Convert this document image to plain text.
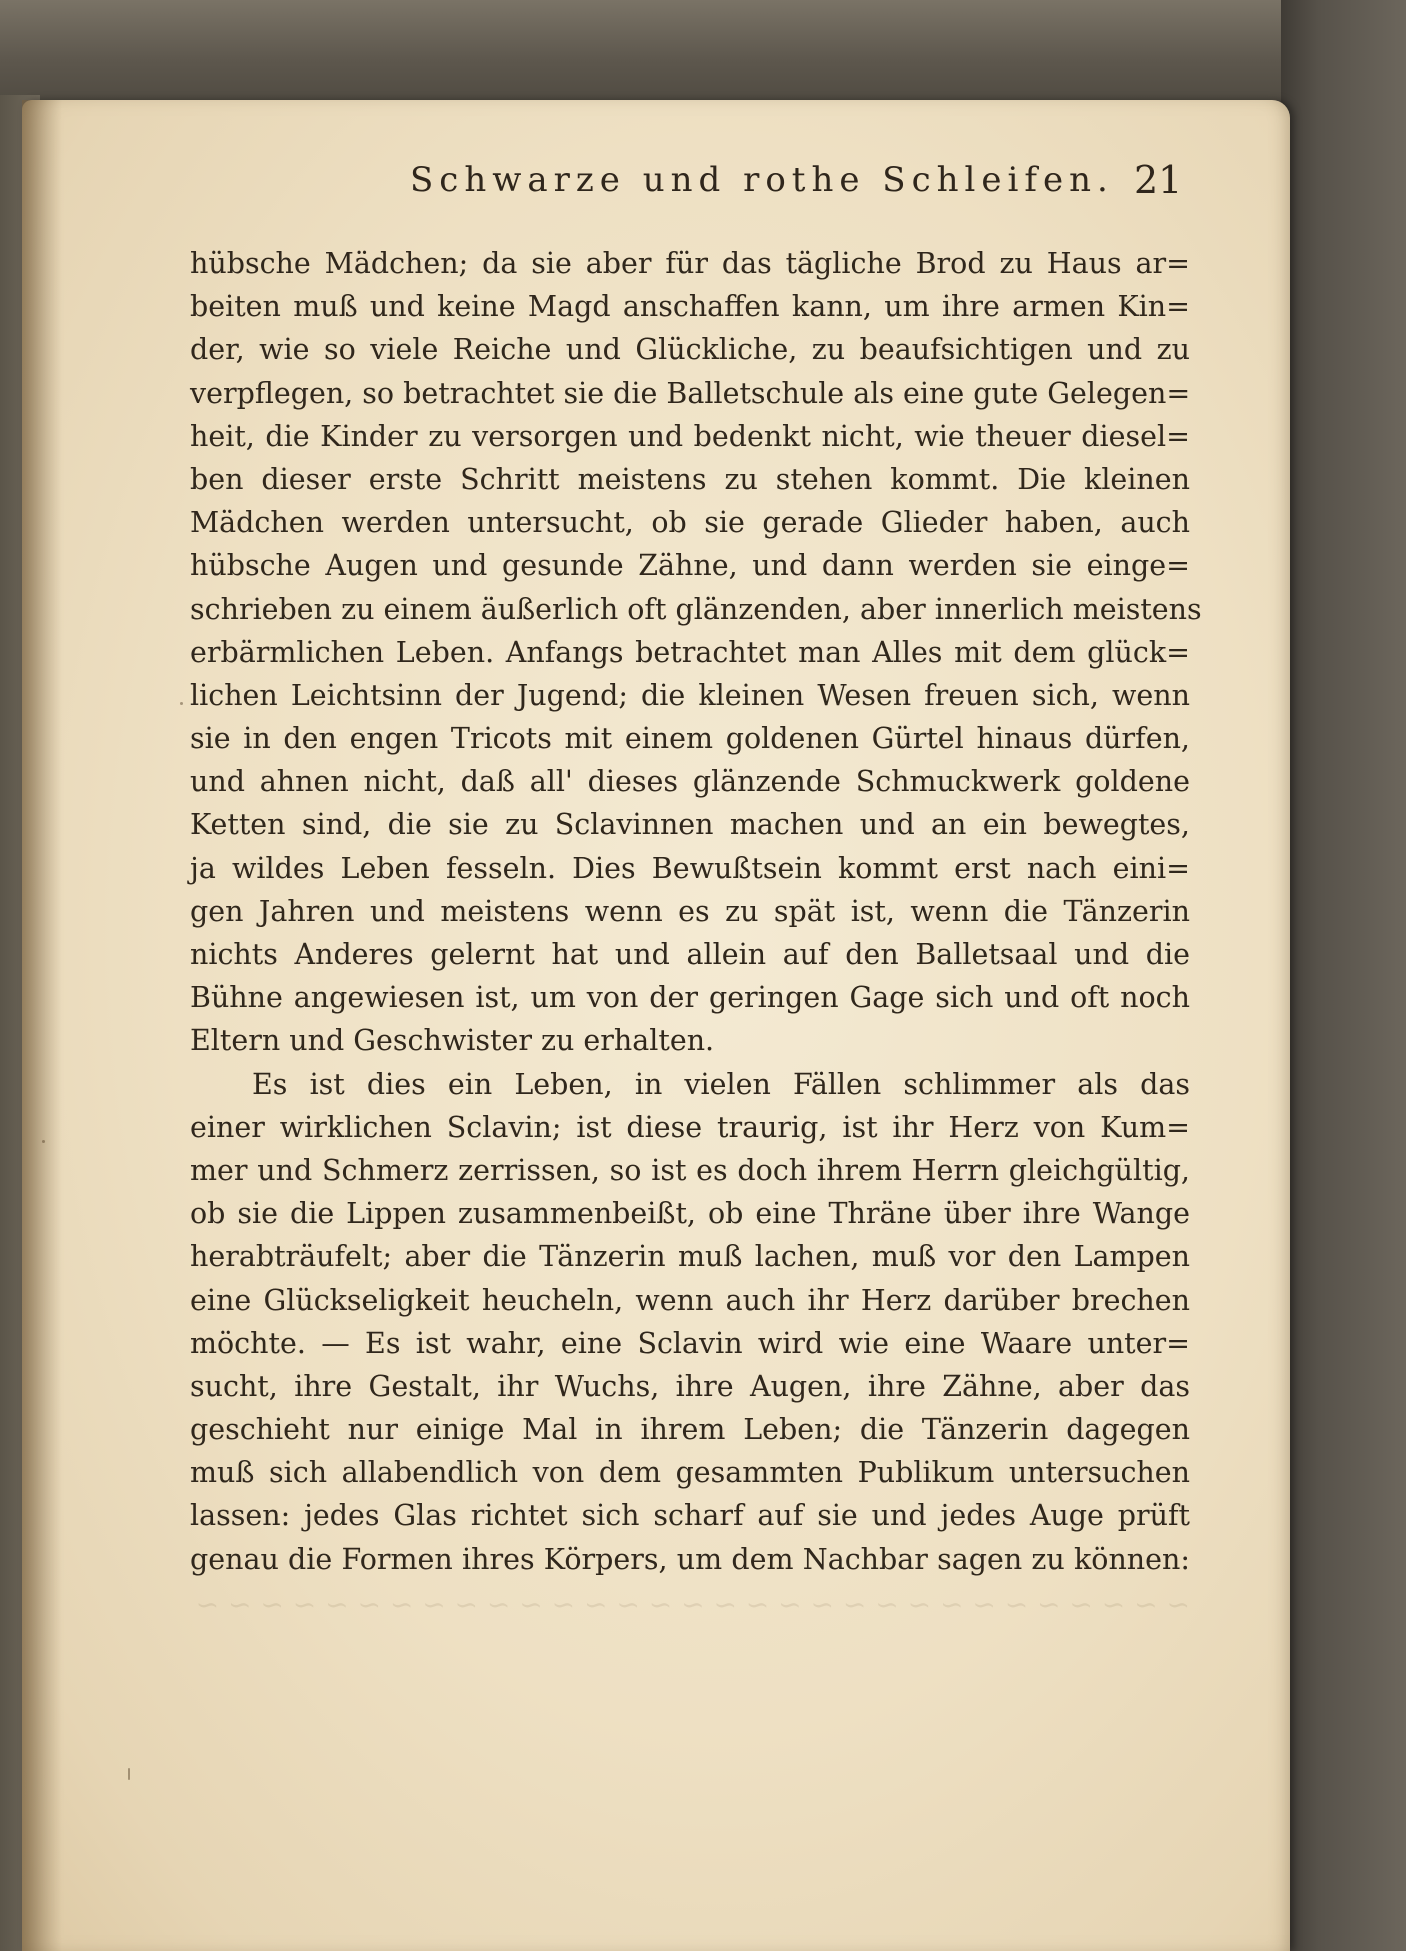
~ ~ ~ ~ ~ ~ ~ ~ ~ ~ ~ ~ ~ ~ ~ ~ ~ ~ ~ ~ ~ ~ ~ ~ ~ ~ ~ ~ ~ ~ ~
Schwarze und rothe Schleifen. 21
hübsche Mädchen; da sie aber für das tägliche Brod zu Haus ar=
beiten muß und keine Magd anschaffen kann, um ihre armen Kin=
der, wie so viele Reiche und Glückliche, zu beaufsichtigen und zu
verpflegen, so betrachtet sie die Balletschule als eine gute Gelegen=
heit, die Kinder zu versorgen und bedenkt nicht, wie theuer diesel=
ben dieser erste Schritt meistens zu stehen kommt. Die kleinen
Mädchen werden untersucht, ob sie gerade Glieder haben, auch
hübsche Augen und gesunde Zähne, und dann werden sie einge=
schrieben zu einem äußerlich oft glänzenden, aber innerlich meistens
erbärmlichen Leben. Anfangs betrachtet man Alles mit dem glück=
lichen Leichtsinn der Jugend; die kleinen Wesen freuen sich, wenn
sie in den engen Tricots mit einem goldenen Gürtel hinaus dürfen,
und ahnen nicht, daß all' dieses glänzende Schmuckwerk goldene
Ketten sind, die sie zu Sclavinnen machen und an ein bewegtes,
ja wildes Leben fesseln. Dies Bewußtsein kommt erst nach eini=
gen Jahren und meistens wenn es zu spät ist, wenn die Tänzerin
nichts Anderes gelernt hat und allein auf den Balletsaal und die
Bühne angewiesen ist, um von der geringen Gage sich und oft noch
Eltern und Geschwister zu erhalten.
Es ist dies ein Leben, in vielen Fällen schlimmer als das
einer wirklichen Sclavin; ist diese traurig, ist ihr Herz von Kum=
mer und Schmerz zerrissen, so ist es doch ihrem Herrn gleichgültig,
ob sie die Lippen zusammenbeißt, ob eine Thräne über ihre Wange
herabträufelt; aber die Tänzerin muß lachen, muß vor den Lampen
eine Glückseligkeit heucheln, wenn auch ihr Herz darüber brechen
möchte. — Es ist wahr, eine Sclavin wird wie eine Waare unter=
sucht, ihre Gestalt, ihr Wuchs, ihre Augen, ihre Zähne, aber das
geschieht nur einige Mal in ihrem Leben; die Tänzerin dagegen
muß sich allabendlich von dem gesammten Publikum untersuchen
lassen: jedes Glas richtet sich scharf auf sie und jedes Auge prüft
genau die Formen ihres Körpers, um dem Nachbar sagen zu können:
